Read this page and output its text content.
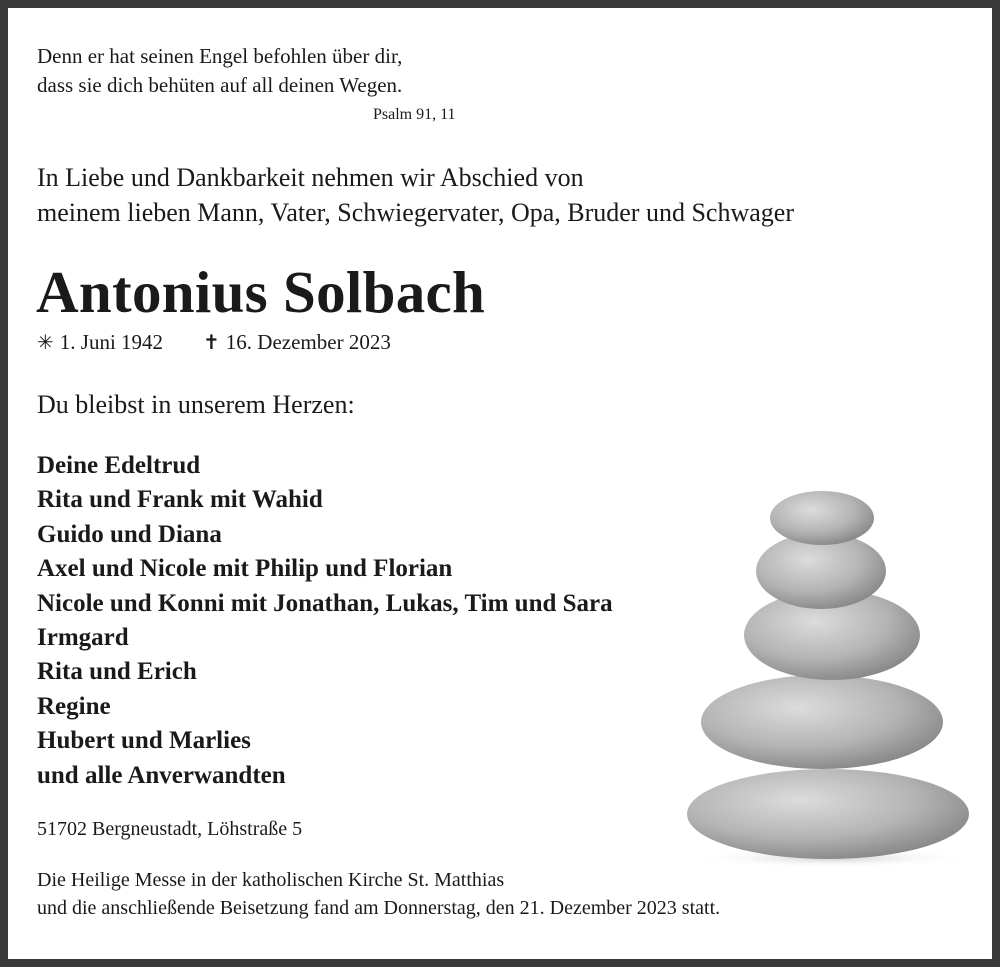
Denn er hat seinen Engel befohlen über dir,
dass sie dich behüten auf all deinen Wegen.
Psalm 91, 11
In Liebe und Dankbarkeit nehmen wir Abschied von
meinem lieben Mann, Vater, Schwiegervater, Opa, Bruder und Schwager
Antonius Solbach
✳ 1. Juni 1942 ✝ 16. Dezember 2023
Du bleibst in unserem Herzen:
Deine Edeltrud
Rita und Frank mit Wahid
Guido und Diana
Axel und Nicole mit Philip und Florian
Nicole und Konni mit Jonathan, Lukas, Tim und Sara
Irmgard
Rita und Erich
Regine
Hubert und Marlies
und alle Anverwandten
51702 Bergneustadt, Löhstraße 5
Die Heilige Messe in der katholischen Kirche St. Matthias
und die anschließende Beisetzung fand am Donnerstag, den 21. Dezember 2023 statt.
